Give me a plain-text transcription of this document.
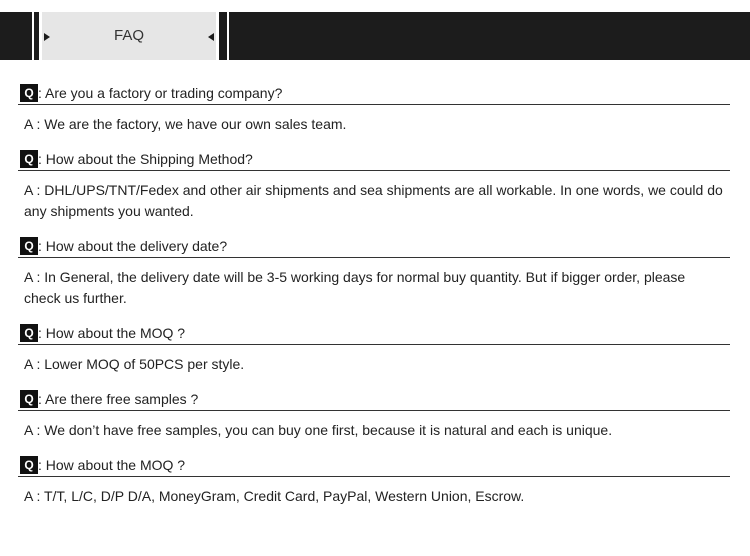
FAQ
Q : Are you a factory or trading company?
A : We are the factory, we have our own sales team.
Q : How about the Shipping Method?
A : DHL/UPS/TNT/Fedex and other air shipments and sea shipments are all workable. In one words, we could do any shipments you wanted.
Q : How about the delivery date?
A : In General, the delivery date will be 3-5 working days for normal buy quantity. But if bigger order, please check us further.
Q : How about the MOQ ?
A : Lower MOQ of 50PCS per style.
Q : Are there free samples ?
A : We don’t have free samples, you can buy one first, because it is natural and each is unique.
Q : How about the MOQ ?
A : T/T, L/C, D/P D/A, MoneyGram, Credit Card, PayPal, Western Union, Escrow.
